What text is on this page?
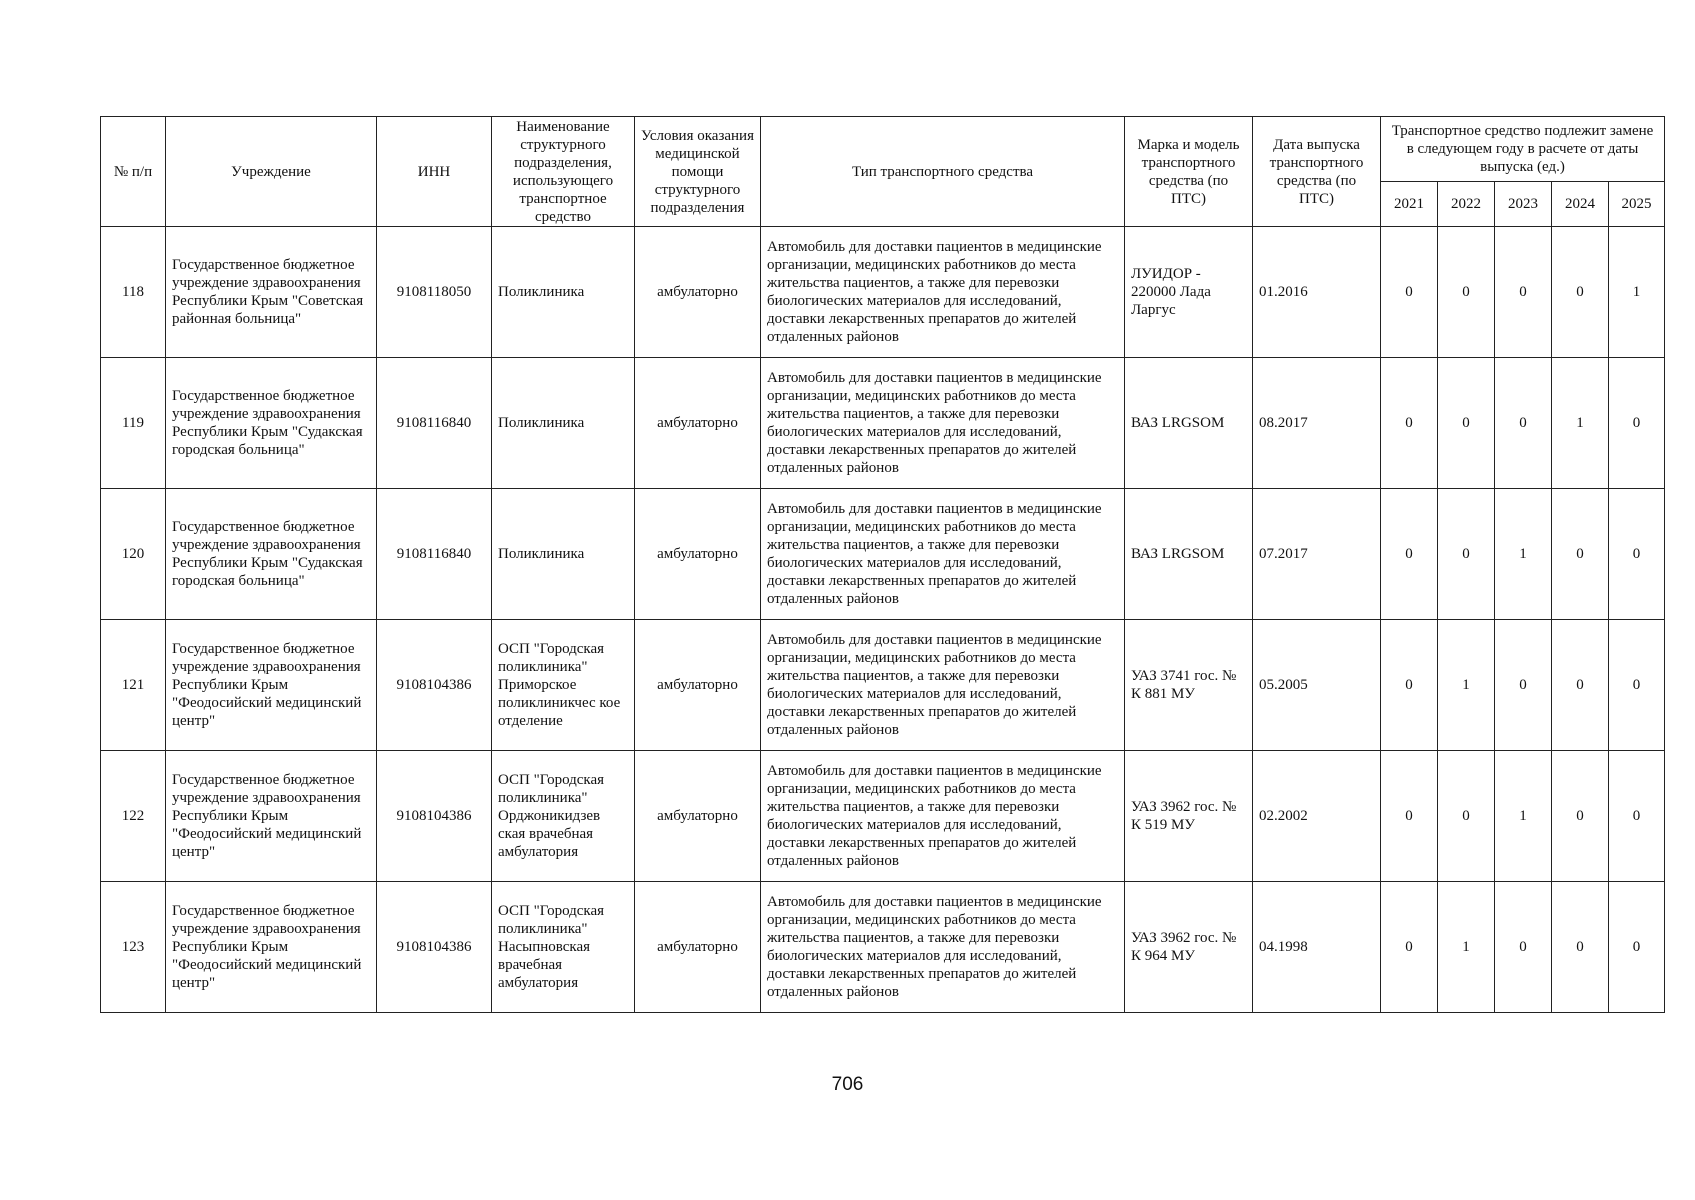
№ п/п	Учреждение	ИНН	Наименование структурного подразделения, использующего транспортное средство	Условия оказания медицинской помощи структурного подразделения	Тип транспортного средства	Марка и модель транспортного средства (по ПТС)	Дата выпуска транспортного средства (по ПТС)	Транспортное средство подлежит замене в следующем году в расчете от даты выпуска (ед.)				
								2021	2022	2023	2024	2025
118	Государственное бюджетное учреждение здравоохранения Республики Крым "Советская районная больница"	9108118050	Поликлиника	амбулаторно	Автомобиль для доставки пациентов в медицинские организации, медицинских работников до места жительства пациентов, а также для перевозки биологических материалов для исследований, доставки лекарственных препаратов до жителей отдаленных районов	ЛУИДОР - 220000 Лада Ларгус	01.2016	0	0	0	0	1
119	Государственное бюджетное учреждение здравоохранения Республики Крым "Судакская городская больница"	9108116840	Поликлиника	амбулаторно	Автомобиль для доставки пациентов в медицинские организации, медицинских работников до места жительства пациентов, а также для перевозки биологических материалов для исследований, доставки лекарственных препаратов до жителей отдаленных районов	ВАЗ LRGSOM	08.2017	0	0	0	1	0
120	Государственное бюджетное учреждение здравоохранения Республики Крым "Судакская городская больница"	9108116840	Поликлиника	амбулаторно	Автомобиль для доставки пациентов в медицинские организации, медицинских работников до места жительства пациентов, а также для перевозки биологических материалов для исследований, доставки лекарственных препаратов до жителей отдаленных районов	ВАЗ LRGSOM	07.2017	0	0	1	0	0
121	Государственное бюджетное учреждение здравоохранения Республики Крым "Феодосийский медицинский центр"	9108104386	ОСП "Городская поликлиника" Приморское поликлиникчес кое отделение	амбулаторно	Автомобиль для доставки пациентов в медицинские организации, медицинских работников до места жительства пациентов, а также для перевозки биологических материалов для исследований, доставки лекарственных препаратов до жителей отдаленных районов	УАЗ 3741 гос. № К 881 МУ	05.2005	0	1	0	0	0
122	Государственное бюджетное учреждение здравоохранения Республики Крым "Феодосийский медицинский центр"	9108104386	ОСП "Городская поликлиника" Орджоникидзев ская врачебная амбулатория	амбулаторно	Автомобиль для доставки пациентов в медицинские организации, медицинских работников до места жительства пациентов, а также для перевозки биологических материалов для исследований, доставки лекарственных препаратов до жителей отдаленных районов	УАЗ 3962 гос. № К 519 МУ	02.2002	0	0	1	0	0
123	Государственное бюджетное учреждение здравоохранения Республики Крым "Феодосийский медицинский центр"	9108104386	ОСП "Городская поликлиника" Насыпновская врачебная амбулатория	амбулаторно	Автомобиль для доставки пациентов в медицинские организации, медицинских работников до места жительства пациентов, а также для перевозки биологических материалов для исследований, доставки лекарственных препаратов до жителей отдаленных районов	УАЗ 3962 гос. № К 964 МУ	04.1998	0	1	0	0	0
706
